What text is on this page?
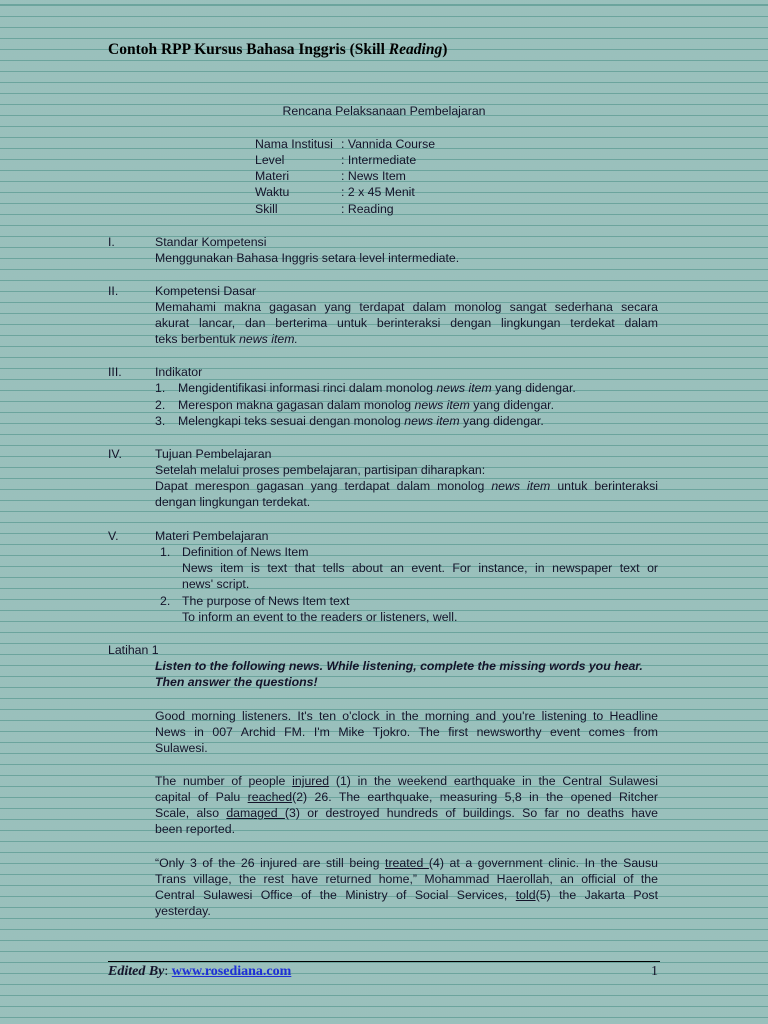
Contoh RPP Kursus Bahasa Inggris (Skill Reading)
Rencana Pelaksanaan Pembelajaran
Nama Institusi : Vannida Course
Level	: Intermediate
Materi	: News Item
Waktu	: 2 x 45 Menit
Skill	: Reading
I.	Standar Kompetensi
Menggunakan Bahasa Inggris setara level intermediate.
II.	Kompetensi Dasar
Memahami makna gagasan yang terdapat dalam monolog sangat sederhana secara
akurat lancar, dan berterima untuk berinteraksi dengan lingkungan terdekat dalam
teks berbentuk news item.
III.	Indikator
1.	Mengidentifikasi informasi rinci dalam monolog news item yang didengar.
2.	Merespon makna gagasan dalam monolog news item yang didengar.
3.	Melengkapi teks sesuai dengan monolog news item yang didengar.
IV.	Tujuan Pembelajaran
Setelah melalui proses pembelajaran, partisipan diharapkan:
Dapat merespon gagasan yang terdapat dalam monolog news item untuk berinteraksi
dengan lingkungan terdekat.
V.	Materi Pembelajaran
1. Definition of News Item
News item is text that tells about an event. For instance, in newspaper text or
news' script.
2. The purpose of News Item text
To inform an event to the readers or listeners, well.
Latihan 1
Listen to the following news. While listening, complete the missing words you hear.
Then answer the questions!
Good morning listeners. It's ten o'clock in the morning and you're listening to Headline
News in 007 Archid FM. I'm Mike Tjokro. The first newsworthy event comes from
Sulawesi.
The number of people injured (1) in the weekend earthquake in the Central Sulawesi
capital of Palu reached(2) 26. The earthquake, measuring 5,8 in the opened Ritcher
Scale, also damaged (3) or destroyed hundreds of buildings. So far no deaths have
been reported.
“Only 3 of the 26 injured are still being treated (4) at a government clinic. In the Sausu
Trans village, the rest have returned home,” Mohammad Haerollah, an official of the
Central Sulawesi Office of the Ministry of Social Services, told(5) the Jakarta Post
yesterday.
Edited By: www.rosediana.com	1
